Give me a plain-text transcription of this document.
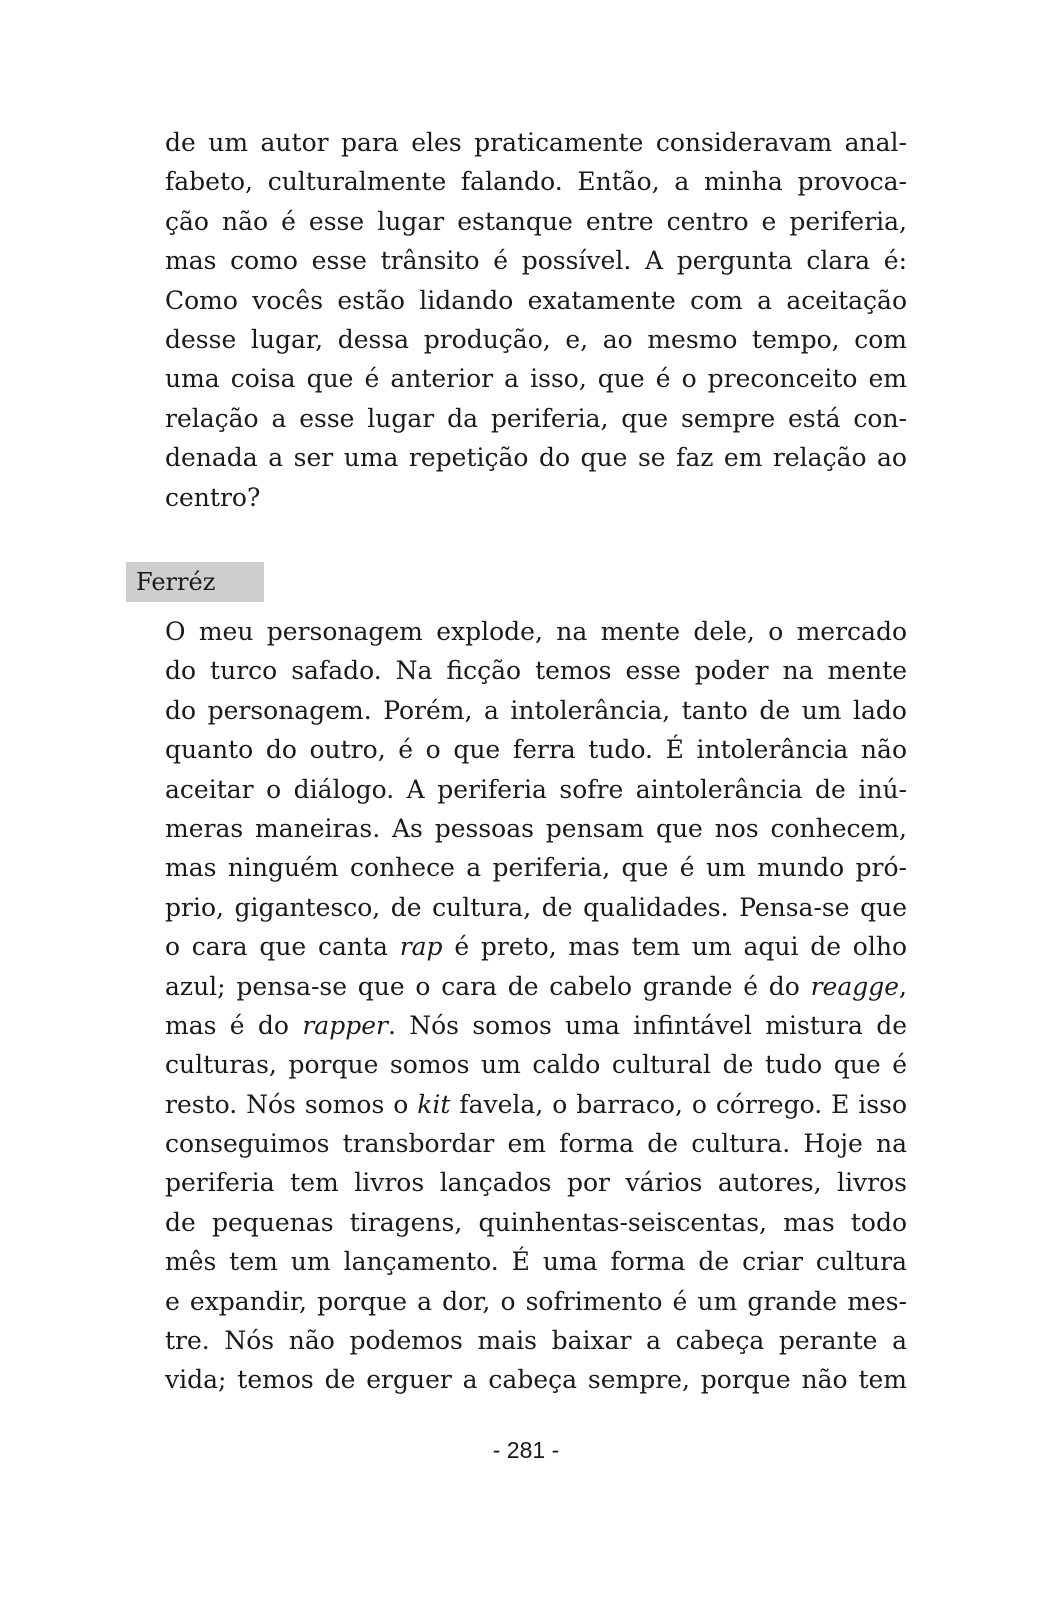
de um autor para eles praticamente consideravam anal-
fabeto, culturalmente falando. Então, a minha provoca-
ção não é esse lugar estanque entre centro e periferia,
mas como esse trânsito é possível. A pergunta clara é:
Como vocês estão lidando exatamente com a aceitação
desse lugar, dessa produção, e, ao mesmo tempo, com
uma coisa que é anterior a isso, que é o preconceito em
relação a esse lugar da periferia, que sempre está con-
denada a ser uma repetição do que se faz em relação ao
centro?
Ferréz
O meu personagem explode, na mente dele, o mercado
do turco safado. Na ficção temos esse poder na mente
do personagem. Porém, a intolerância, tanto de um lado
quanto do outro, é o que ferra tudo. É intolerância não
aceitar o diálogo. A periferia sofre aintolerância de inú-
meras maneiras. As pessoas pensam que nos conhecem,
mas ninguém conhece a periferia, que é um mundo pró-
prio, gigantesco, de cultura, de qualidades. Pensa-se que
o cara que canta rap é preto, mas tem um aqui de olho
azul; pensa-se que o cara de cabelo grande é do reagge,
mas é do rapper. Nós somos uma infintável mistura de
culturas, porque somos um caldo cultural de tudo que é
resto. Nós somos o kit favela, o barraco, o córrego. E isso
conseguimos transbordar em forma de cultura. Hoje na
periferia tem livros lançados por vários autores, livros
de pequenas tiragens, quinhentas-seiscentas, mas todo
mês tem um lançamento. É uma forma de criar cultura
e expandir, porque a dor, o sofrimento é um grande mes-
tre. Nós não podemos mais baixar a cabeça perante a
vida; temos de erguer a cabeça sempre, porque não tem
- 281 -
